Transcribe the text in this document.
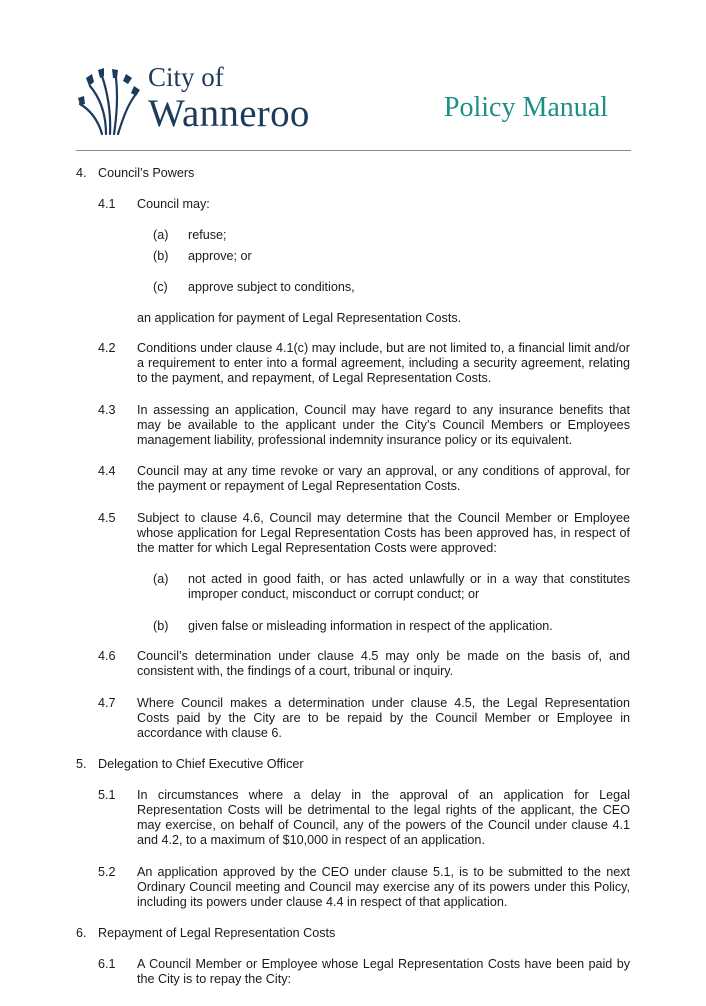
City of
Wanneroo	Policy Manual
4. Council’s Powers
4.1 Council may:
(a) refuse;
(b) approve; or
(c) approve subject to conditions,
an application for payment of Legal Representation Costs.
4.2 Conditions under clause 4.1(c) may include, but are not limited to, a financial limit and/or a requirement to enter into a formal agreement, including a security agreement, relating to the payment, and repayment, of Legal Representation Costs.
4.3 In assessing an application, Council may have regard to any insurance benefits that may be available to the applicant under the City’s Council Members or Employees management liability, professional indemnity insurance policy or its equivalent.
4.4 Council may at any time revoke or vary an approval, or any conditions of approval, for the payment or repayment of Legal Representation Costs.
4.5 Subject to clause 4.6, Council may determine that the Council Member or Employee whose application for Legal Representation Costs has been approved has, in respect of the matter for which Legal Representation Costs were approved:
(a) not acted in good faith, or has acted unlawfully or in a way that constitutes improper conduct, misconduct or corrupt conduct; or
(b) given false or misleading information in respect of the application.
4.6 Council’s determination under clause 4.5 may only be made on the basis of, and consistent with, the findings of a court, tribunal or inquiry.
4.7 Where Council makes a determination under clause 4.5, the Legal Representation Costs paid by the City are to be repaid by the Council Member or Employee in accordance with clause 6.
5. Delegation to Chief Executive Officer
5.1 In circumstances where a delay in the approval of an application for Legal Representation Costs will be detrimental to the legal rights of the applicant, the CEO may exercise, on behalf of Council, any of the powers of the Council under clause 4.1 and 4.2, to a maximum of $10,000 in respect of an application.
5.2 An application approved by the CEO under clause 5.1, is to be submitted to the next Ordinary Council meeting and Council may exercise any of its powers under this Policy, including its powers under clause 4.4 in respect of that application.
6. Repayment of Legal Representation Costs
6.1 A Council Member or Employee whose Legal Representation Costs have been paid by the City is to repay the City:
